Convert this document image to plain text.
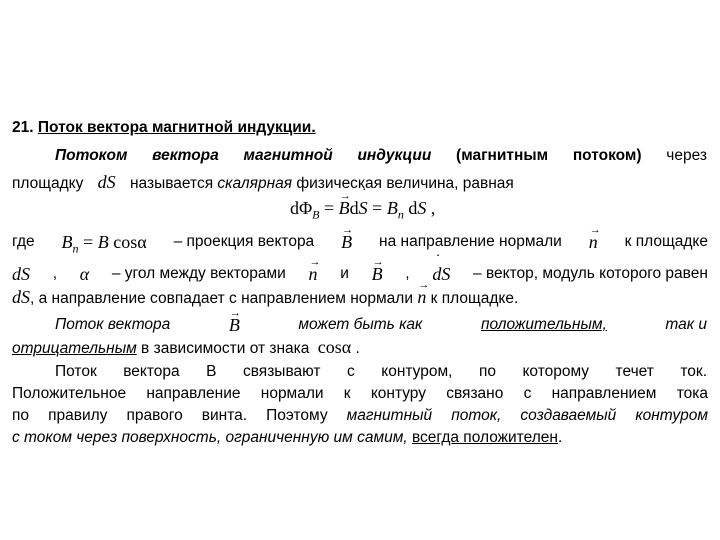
21. Поток вектора магнитной индукции.
Потоком вектора магнитной индукции (магнитным потоком) через
площадку dS называется скалярная физическая величина, равная
$d\Phi_B$ = → Bd˙ $S = B_n$ dS ,
где $B_n = B$ cosα – проекция вектора → B на направление нормали → n к площадке
dS , α – угол между векторами → n и → B , ˙ dS – вектор, модуль которого равен
dS, а направление совпадает с направлением нормали → n к площадке.
Поток вектора	→ B	может быть как	положительным,	так и
отрицательным в зависимости от знака cosα .
Поток вектора B связывают с контуром, по которому течет ток.
Положительное направление нормали к контуру связано с направлением тока
по правилу правого винта. Поэтому магнитный поток, создаваемый контуром
с током через поверхность, ограниченную им самим, всегда положителен.
